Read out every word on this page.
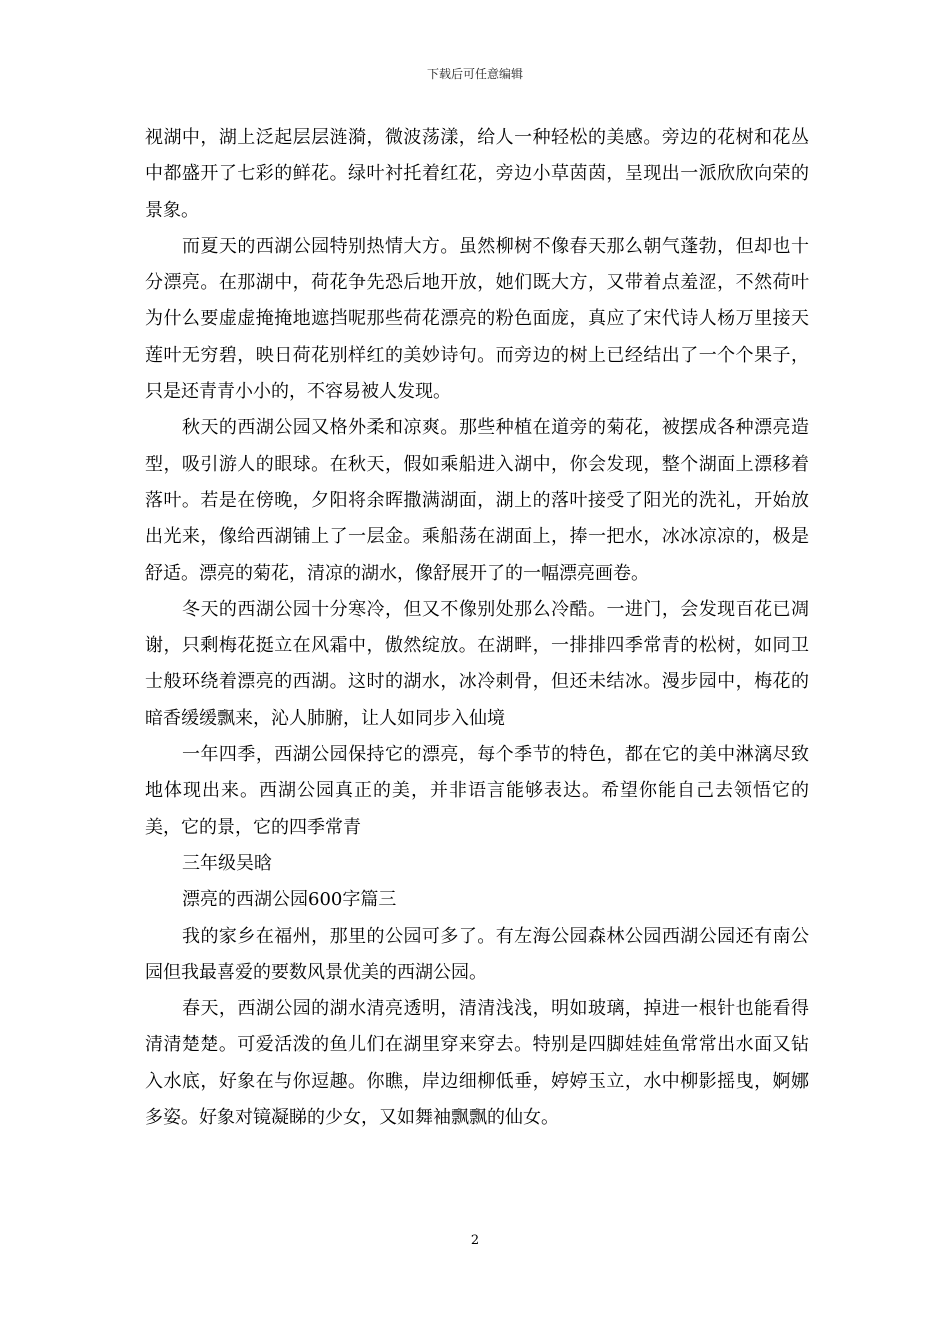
下载后可任意编辑

视湖中，湖上泛起层层涟漪，微波荡漾，给人一种轻松的美感。旁边的花树和花丛中都盛开了七彩的鲜花。绿叶衬托着红花，旁边小草茵茵，呈现出一派欣欣向荣的景象。

而夏天的西湖公园特别热情大方。虽然柳树不像春天那么朝气蓬勃，但却也十分漂亮。在那湖中，荷花争先恐后地开放，她们既大方，又带着点羞涩，不然荷叶为什么要虚虚掩掩地遮挡呢那些荷花漂亮的粉色面庞，真应了宋代诗人杨万里接天莲叶无穷碧，映日荷花别样红的美妙诗句。而旁边的树上已经结出了一个个果子，只是还青青小小的，不容易被人发现。

秋天的西湖公园又格外柔和凉爽。那些种植在道旁的菊花，被摆成各种漂亮造型，吸引游人的眼球。在秋天，假如乘船进入湖中，你会发现，整个湖面上漂移着落叶。若是在傍晚，夕阳将余晖撒满湖面，湖上的落叶接受了阳光的洗礼，开始放出光来，像给西湖铺上了一层金。乘船荡在湖面上，捧一把水，冰冰凉凉的，极是舒适。漂亮的菊花，清凉的湖水，像舒展开了的一幅漂亮画卷。

冬天的西湖公园十分寒冷，但又不像别处那么冷酷。一进门，会发现百花已凋谢，只剩梅花挺立在风霜中，傲然绽放。在湖畔，一排排四季常青的松树，如同卫士般环绕着漂亮的西湖。这时的湖水，冰冷刺骨，但还未结冰。漫步园中，梅花的暗香缓缓飘来，沁人肺腑，让人如同步入仙境

一年四季，西湖公园保持它的漂亮，每个季节的特色，都在它的美中淋漓尽致地体现出来。西湖公园真正的美，并非语言能够表达。希望你能自己去领悟它的美，它的景，它的四季常青

三年级吴晗

漂亮的西湖公园600字篇三

我的家乡在福州，那里的公园可多了。有左海公园森林公园西湖公园还有南公园但我最喜爱的要数风景优美的西湖公园。

春天，西湖公园的湖水清亮透明，清清浅浅，明如玻璃，掉进一根针也能看得清清楚楚。可爱活泼的鱼儿们在湖里穿来穿去。特别是四脚娃娃鱼常常出水面又钻入水底，好象在与你逗趣。你瞧，岸边细柳低垂，婷婷玉立，水中柳影摇曳，婀娜多姿。好象对镜凝睇的少女，又如舞袖飘飘的仙女。

2
